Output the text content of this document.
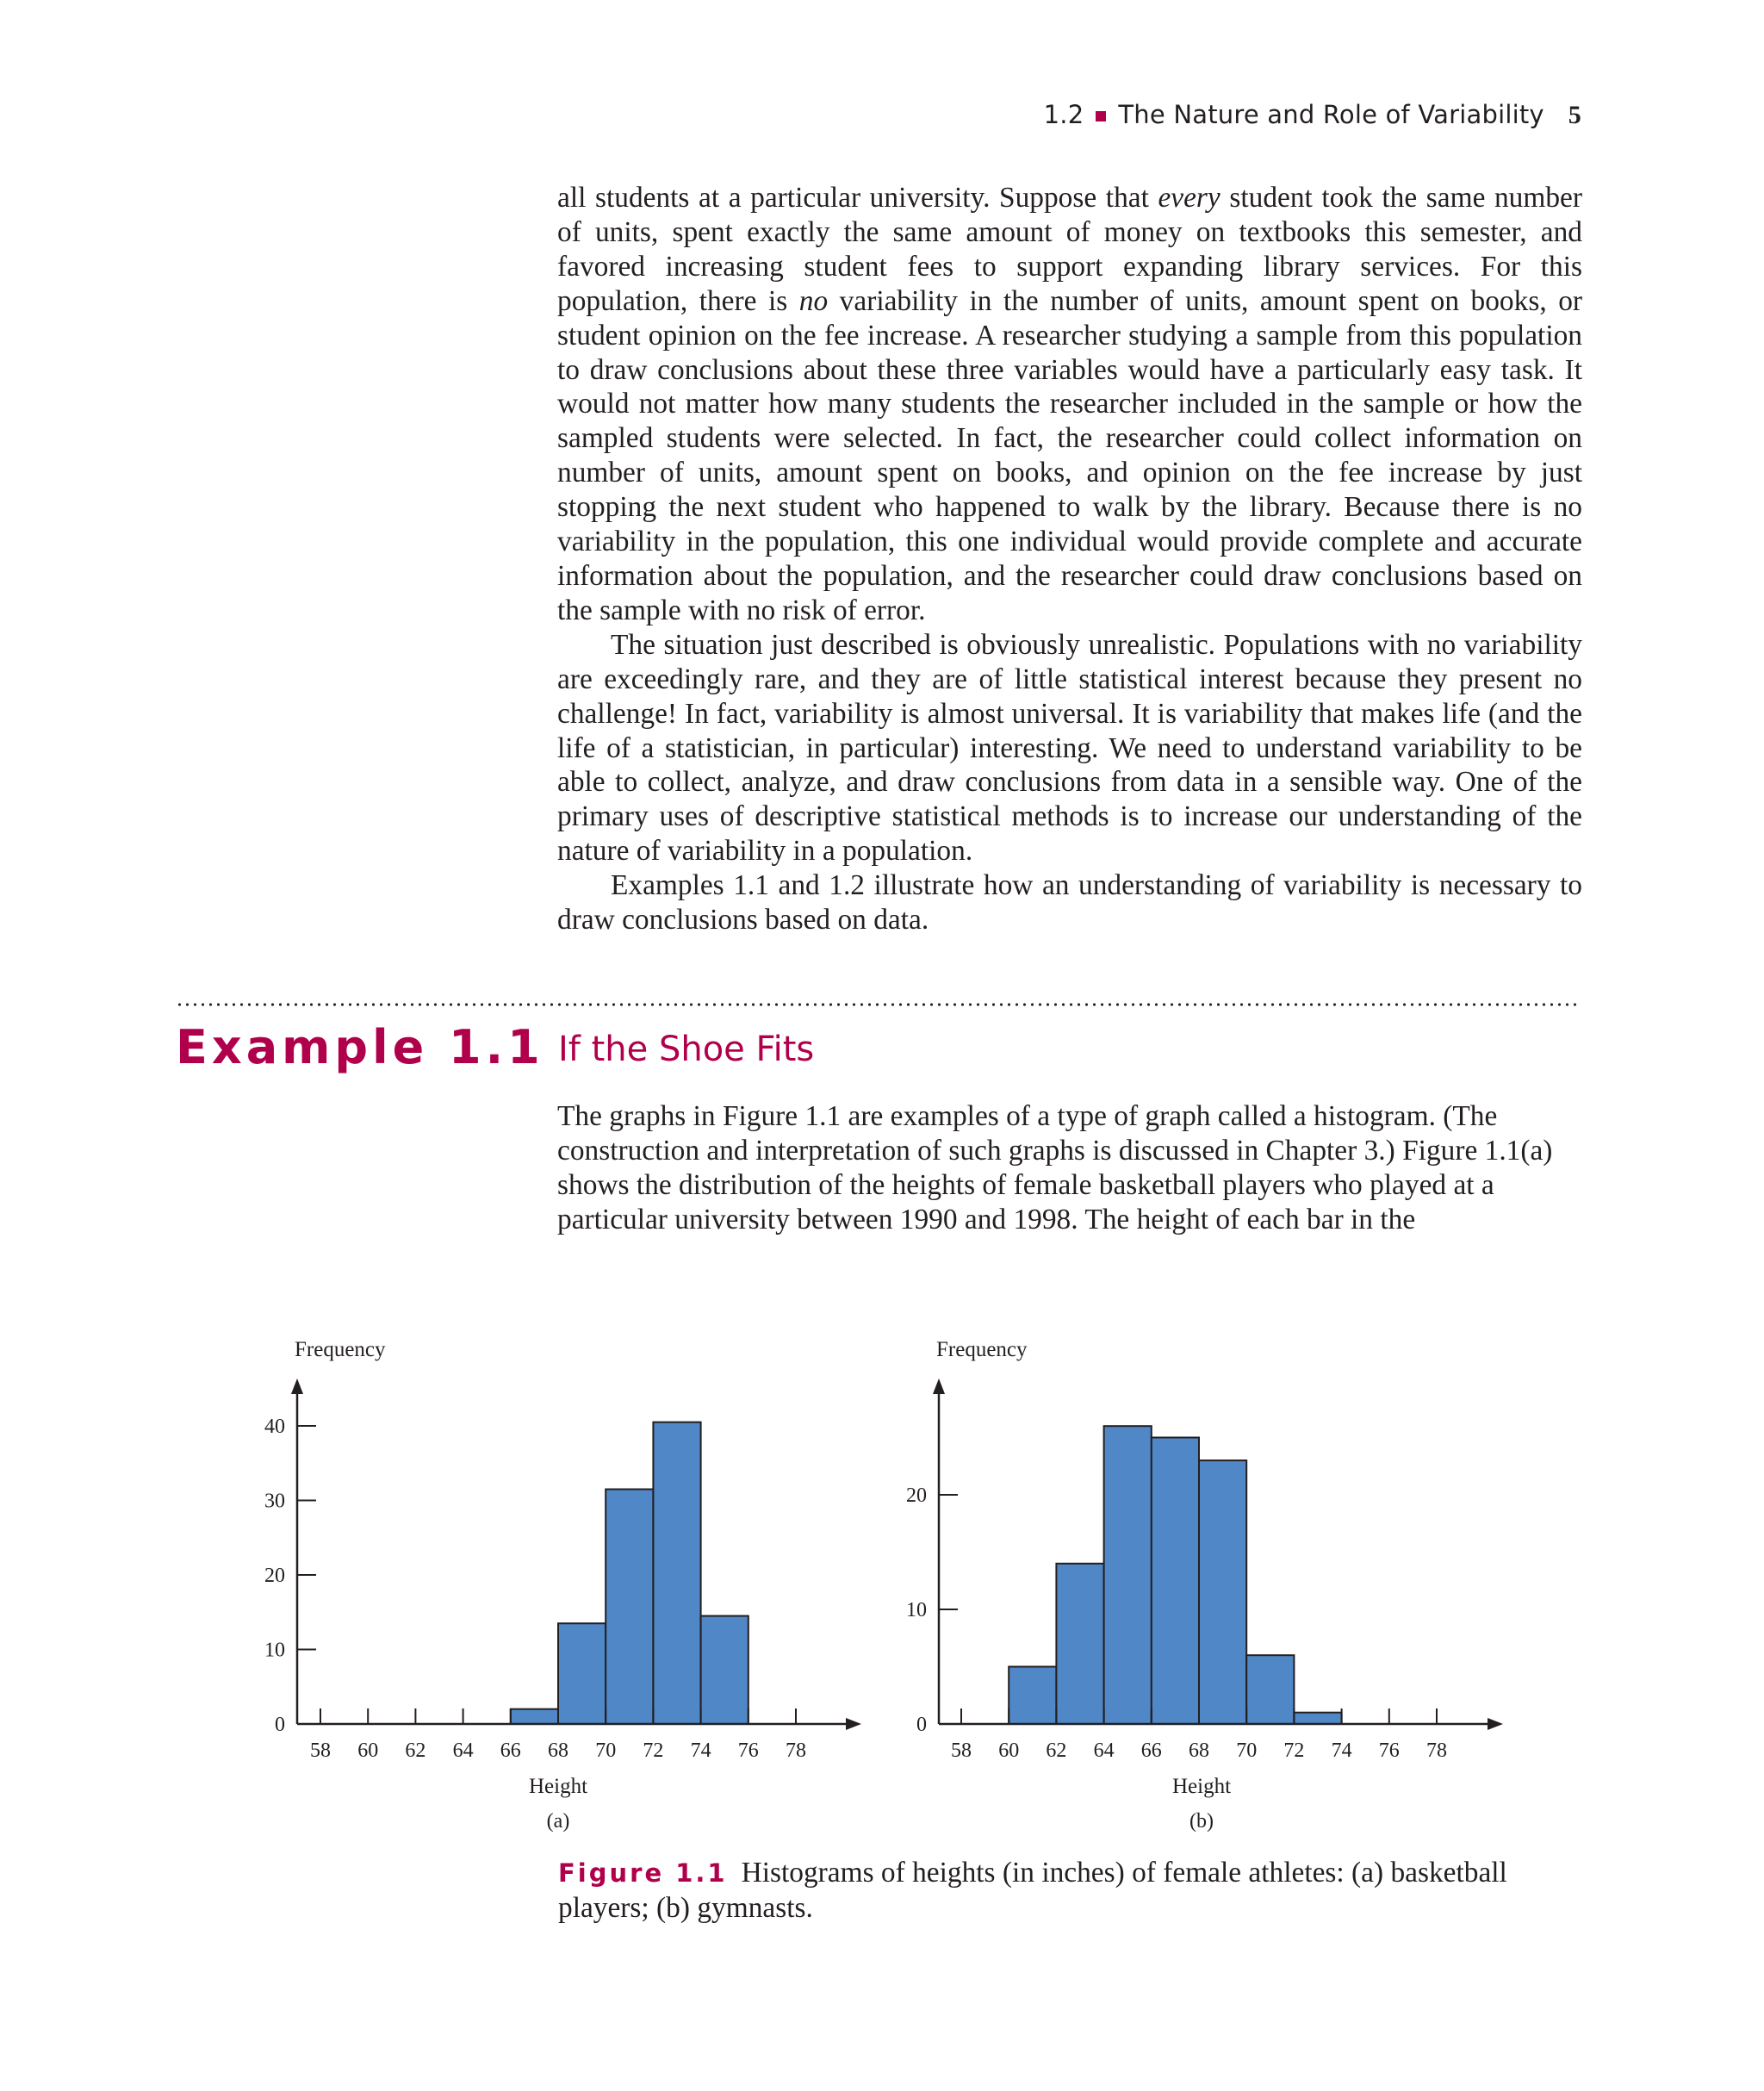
1.2 The Nature and Role of Variability 5

all students at a particular university. Suppose that every student took the same number of units, spent exactly the same amount of money on textbooks this semester, and favored increasing student fees to support expanding library services. For this population, there is no variability in the number of units, amount spent on books, or student opinion on the fee increase. A researcher studying a sample from this population to draw conclusions about these three variables would have a particularly easy task. It would not matter how many students the researcher included in the sample or how the sampled students were selected. In fact, the researcher could collect information on number of units, amount spent on books, and opinion on the fee increase by just stopping the next student who happened to walk by the library. Because there is no variability in the population, this one individual would provide complete and accurate information about the population, and the researcher could draw conclusions based on the sample with no risk of error.

The situation just described is obviously unrealistic. Populations with no variability are exceedingly rare, and they are of little statistical interest because they present no challenge! In fact, variability is almost universal. It is variability that makes life (and the life of a statistician, in particular) interesting. We need to understand variability to be able to collect, analyze, and draw conclusions from data in a sensible way. One of the primary uses of descriptive statistical methods is to increase our understanding of the nature of variability in a population.

Examples 1.1 and 1.2 illustrate how an understanding of variability is necessary to draw conclusions based on data.

Example 1.1 If the Shoe Fits

The graphs in Figure 1.1 are examples of a type of graph called a histogram. (The construction and interpretation of such graphs is discussed in Chapter 3.) Figure 1.1(a) shows the distribution of the heights of female basketball players who played at a particular university between 1990 and 1998. The height of each bar in the

0
10
20
30
40
58 60 62 64 66 68 70 72 74 76 78
Frequency
Height
(a)
0
10
20
58 60 62 64 66 68 70 72 74 76 78
Frequency
Height
(b)
Figure 1.1 Histograms of heights (in inches) of female athletes: (a) basketball players; (b) gymnasts.
